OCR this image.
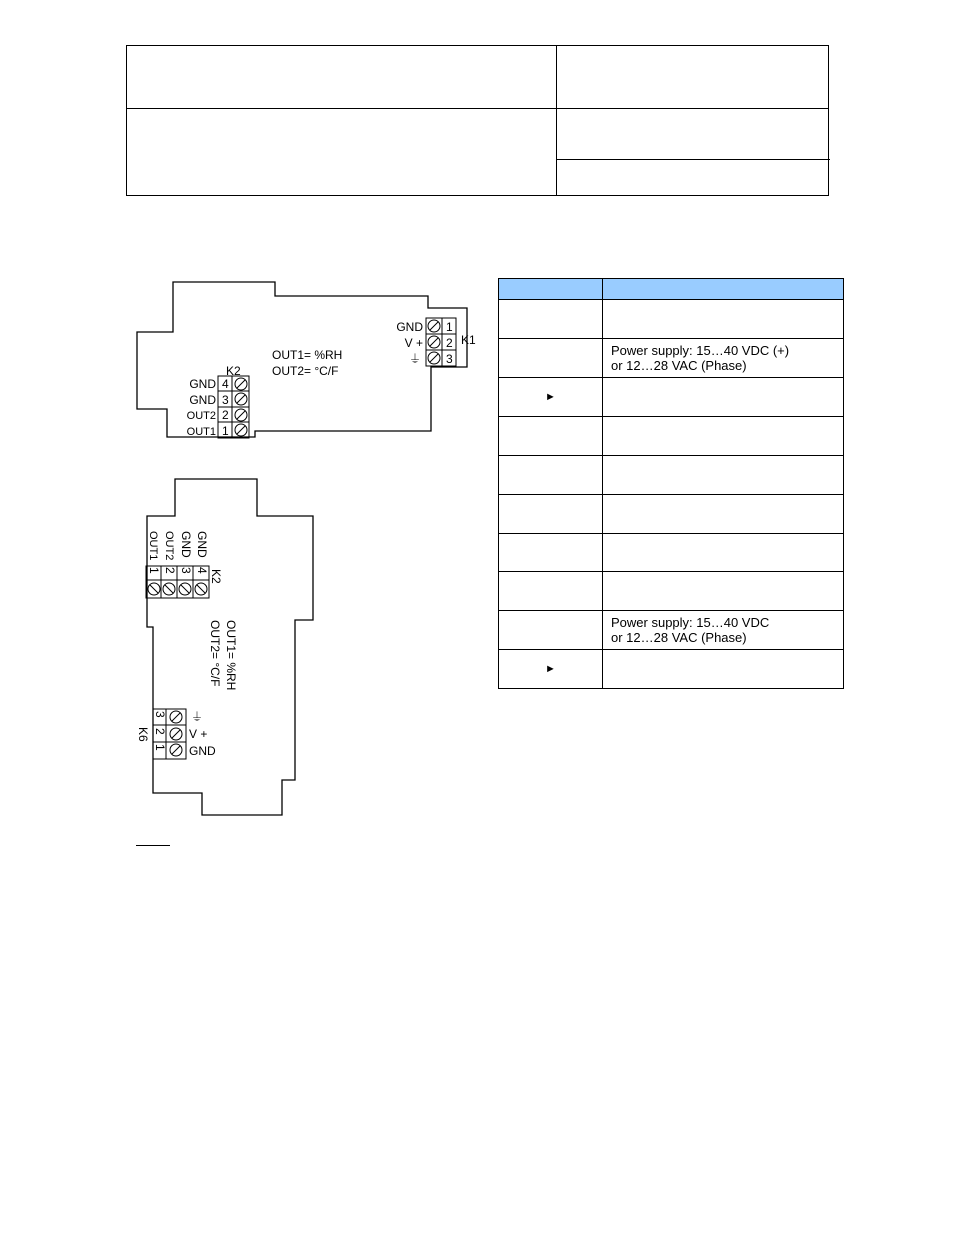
	Power supply: 15…40 VDC (+)
or 12…28 VAC (Phase)

►	

	Power supply: 15…40 VDC
or 12…28 VAC (Phase)

►	
1
2
3
GND
V +
⏚
K1
OUT1= %RH
OUT2= °C/F
K2
4
3
2
1
GND
GND
OUT2
OUT1
4
3
2
1
GND
GND
OUT2
OUT1
K2
OUT1= %RH
OUT2= °C/F
3
2
1
⏚
V +
GND
K6
